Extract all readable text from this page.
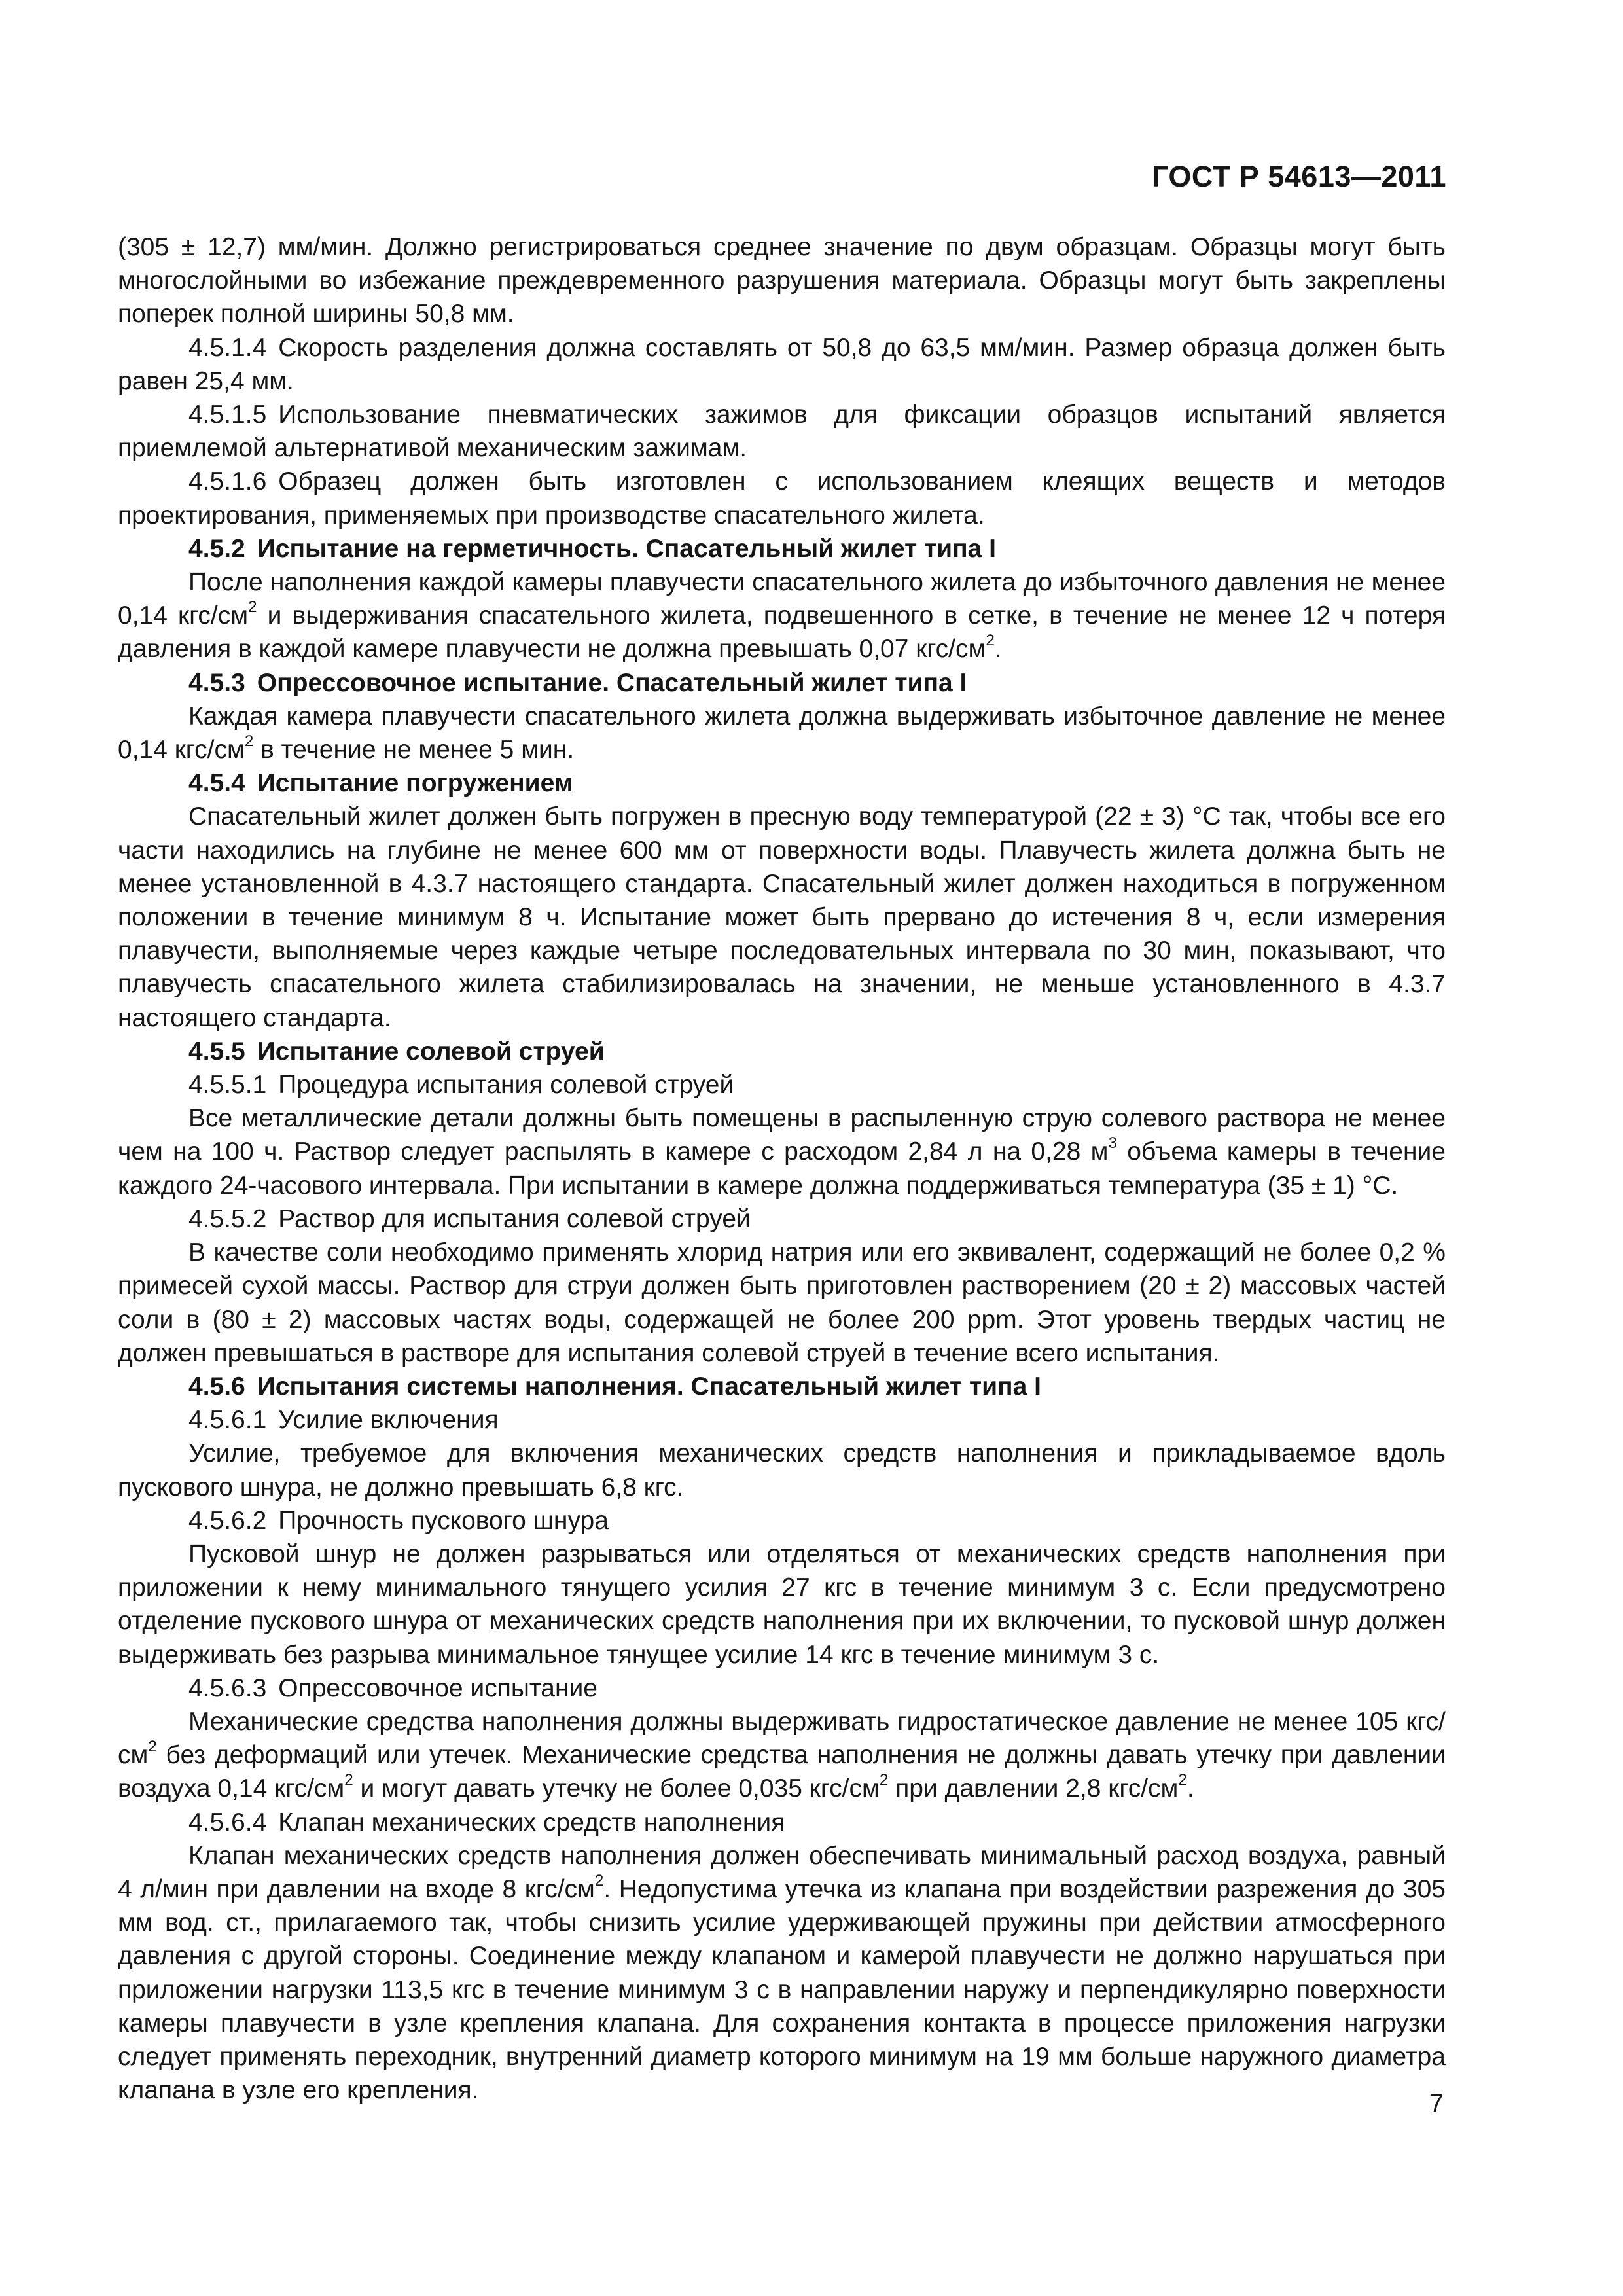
ГОСТ Р 54613—2011

(305 ± 12,7) мм/мин. Должно регистрироваться среднее значение по двум образцам. Образцы могут быть многослойными во избежание преждевременного разрушения материала. Образцы могут быть закреплены поперек полной ширины 50,8 мм.

4.5.1.4 Скорость разделения должна составлять от 50,8 до 63,5 мм/мин. Размер образца должен быть равен 25,4 мм.

4.5.1.5 Использование пневматических зажимов для фиксации образцов испытаний является приемлемой альтернативой механическим зажимам.

4.5.1.6 Образец должен быть изготовлен с использованием клеящих веществ и методов проектирования, применяемых при производстве спасательного жилета.

4.5.2 Испытание на герметичность. Спасательный жилет типа I

После наполнения каждой камеры плавучести спасательного жилета до избыточного давления не менее 0,14 кгс/$см^2$ и выдерживания спасательного жилета, подвешенного в сетке, в течение не менее 12 ч потеря давления в каждой камере плавучести не должна превышать 0,07 кгс/$см^2$.

4.5.3 Опрессовочное испытание. Спасательный жилет типа I

Каждая камера плавучести спасательного жилета должна выдерживать избыточное давление не менее 0,14 кгс/$см^2$ в течение не менее 5 мин.

4.5.4 Испытание погружением

Спасательный жилет должен быть погружен в пресную воду температурой (22 ± 3) °С так, чтобы все его части находились на глубине не менее 600 мм от поверхности воды. Плавучесть жилета должна быть не менее установленной в 4.3.7 настоящего стандарта. Спасательный жилет должен находиться в погруженном положении в течение минимум 8 ч. Испытание может быть прервано до истечения 8 ч, если измерения плавучести, выполняемые через каждые четыре последовательных интервала по 30 мин, показывают, что плавучесть спасательного жилета стабилизировалась на значении, не меньше установленного в 4.3.7 настоящего стандарта.

4.5.5 Испытание солевой струей

4.5.5.1 Процедура испытания солевой струей

Все металлические детали должны быть помещены в распыленную струю солевого раствора не менее чем на 100 ч. Раствор следует распылять в камере с расходом 2,84 л на 0,28 $м^3$ объема камеры в течение каждого 24-часового интервала. При испытании в камере должна поддерживаться температура (35 ± 1) °С.

4.5.5.2 Раствор для испытания солевой струей

В качестве соли необходимо применять хлорид натрия или его эквивалент, содержащий не более 0,2 % примесей сухой массы. Раствор для струи должен быть приготовлен растворением (20 ± 2) массовых частей соли в (80 ± 2) массовых частях воды, содержащей не более 200 ppm. Этот уровень твердых частиц не должен превышаться в растворе для испытания солевой струей в течение всего испытания.

4.5.6 Испытания системы наполнения. Спасательный жилет типа I

4.5.6.1 Усилие включения

Усилие, требуемое для включения механических средств наполнения и прикладываемое вдоль пускового шнура, не должно превышать 6,8 кгс.

4.5.6.2 Прочность пускового шнура

Пусковой шнур не должен разрываться или отделяться от механических средств наполнения при приложении к нему минимального тянущего усилия 27 кгс в течение минимум 3 с. Если предусмотрено отделение пускового шнура от механических средств наполнения при их включении, то пусковой шнур должен выдерживать без разрыва минимальное тянущее усилие 14 кгс в течение минимум 3 с.

4.5.6.3 Опрессовочное испытание

Механические средства наполнения должны выдерживать гидростатическое давление не менее 105 кгс/$см^2$ без деформаций или утечек. Механические средства наполнения не должны давать утечку при давлении воздуха 0,14 кгс/$см^2$ и могут давать утечку не более 0,035 кгс/$см^2$ при давлении 2,8 кгс/$см^2$.

4.5.6.4 Клапан механических средств наполнения

Клапан механических средств наполнения должен обеспечивать минимальный расход воздуха, равный 4 л/мин при давлении на входе 8 кгс/$см^2$. Недопустима утечка из клапана при воздействии разрежения до 305 мм вод. ст., прилагаемого так, чтобы снизить усилие удерживающей пружины при действии атмосферного давления с другой стороны. Соединение между клапаном и камерой плавучести не должно нарушаться при приложении нагрузки 113,5 кгс в течение минимум 3 с в направлении наружу и перпендикулярно поверхности камеры плавучести в узле крепления клапана. Для сохранения контакта в процессе приложения нагрузки следует применять переходник, внутренний диаметр которого минимум на 19 мм больше наружного диаметра клапана в узле его крепления.	7
